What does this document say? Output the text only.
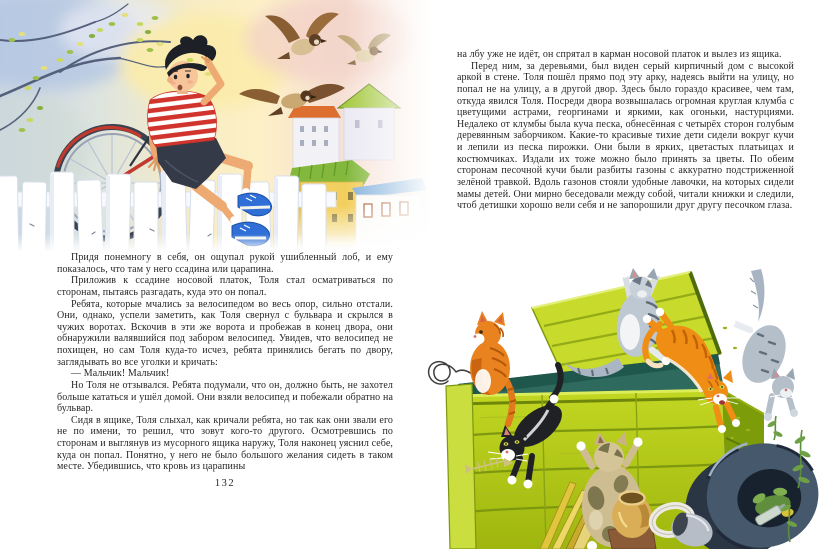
Придя понемногу в себя, он ощупал рукой ушибленный лоб, и ему показалось, что там у него ссадина или царапина.

Приложив к ссадине носовой платок, Толя стал осматриваться по сторонам, пытаясь разгадать, куда это он попал.

Ребята, которые мчались за велосипедом во весь опор, сильно отстали. Они, однако, успели заметить, как Толя свернул с бульвара и скрылся в чужих воротах. Вскочив в эти же ворота и пробежав в конец двора, они обнаружили валявшийся под забором велосипед. Увидев, что велосипед не похищен, но сам Толя куда-то исчез, ребята принялись бегать по двору, заглядывать во все уголки и кричать:

— Мальчик! Мальчик!

Но Толя не отзывался. Ребята подумали, что он, должно быть, не захотел больше кататься и ушёл домой. Они взяли велосипед и побежали обратно на бульвар.

Сидя в ящике, Толя слыхал, как кричали ребята, но так как они звали его не по имени, то решил, что зовут кого-то другого. Осмотревшись по сторонам и выглянув из мусорного ящика наружу, Толя наконец уяснил себе, куда он попал. Понятно, у него не было большого желания сидеть в таком месте. Убедившись, что кровь из царапины

132

на лбу уже не идёт, он спрятал в карман носовой платок и вылез из ящика.

Перед ним, за деревьями, был виден серый кирпичный дом с высокой аркой в стене. Толя пошёл прямо под эту арку, надеясь выйти на улицу, но попал не на улицу, а в другой двор. Здесь было гораздо красивее, чем там, откуда явился Толя. Посреди двора возвышалась огромная круглая клумба с цветущими астрами, георгинами и яркими, как огоньки, настурциями. Недалеко от клумбы была куча песка, обнесённая с четырёх сторон голубым деревянным заборчиком. Какие-то красивые тихие дети сидели вокруг кучи и лепили из песка пирожки. Они были в ярких, цветастых платьицах и костюмчиках. Издали их тоже можно было принять за цветы. По обеим сторонам песочной кучи были разбиты газоны с аккуратно подстриженной зелёной травкой. Вдоль газонов стояли удобные лавочки, на которых сидели мамы детей. Они мирно беседовали между собой, читали книжки и следили, чтоб детишки хорошо вели себя и не запорошили друг другу песочком глаза.
